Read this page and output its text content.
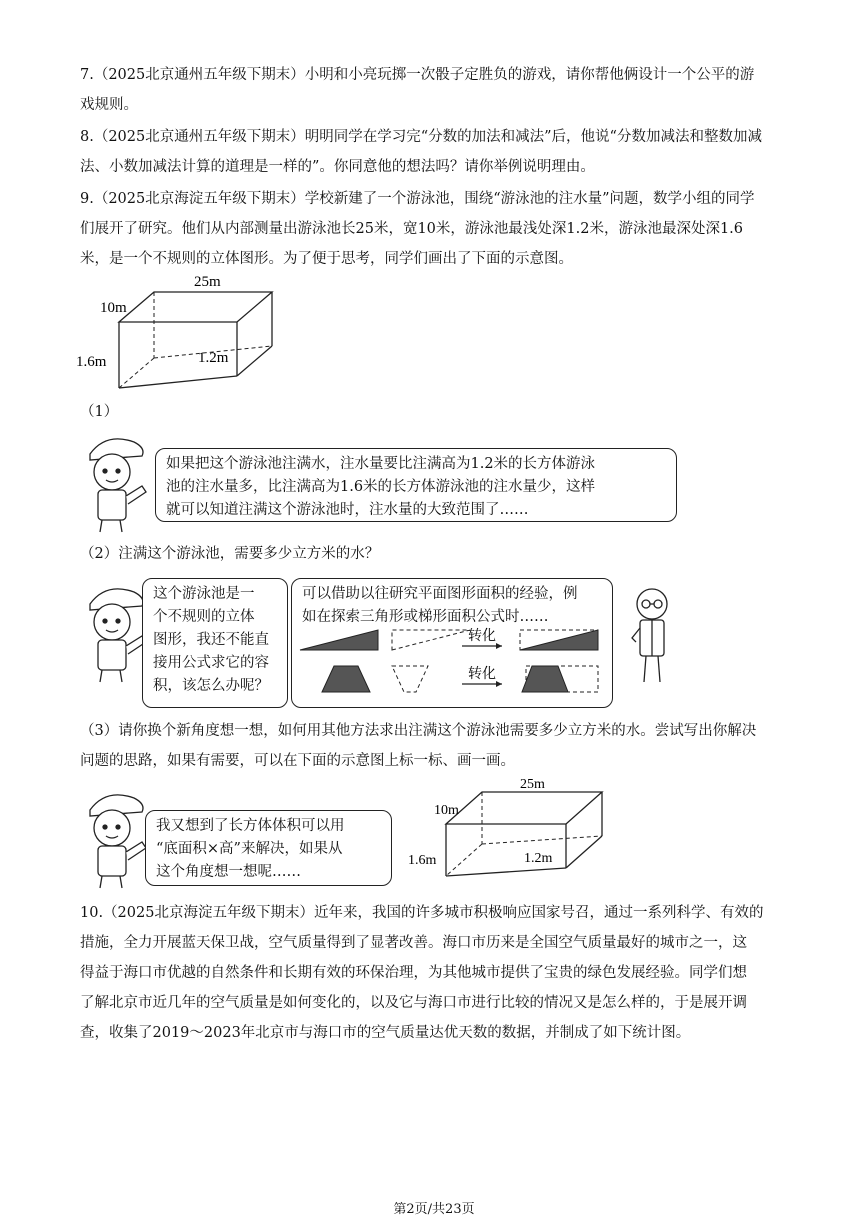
7.（2025北京通州五年级下期末）小明和小亮玩掷一次骰子定胜负的游戏，请你帮他俩设计一个公平的游
戏规则。
8.（2025北京通州五年级下期末）明明同学在学习完“分数的加法和减法”后，他说“分数加减法和整数加减
法、小数加减法计算的道理是一样的”。你同意他的想法吗？请你举例说明理由。
9.（2025北京海淀五年级下期末）学校新建了一个游泳池，围绕“游泳池的注水量”问题，数学小组的同学
们展开了研究。他们从内部测量出游泳池长25米，宽10米，游泳池最浅处深1.2米，游泳池最深处深1.6
米，是一个不规则的立体图形。为了便于思考，同学们画出了下面的示意图。
25m
10m
1.6m	1.2m
（1）
如果把这个游泳池注满水，注水量要比注满高为1.2米的长方体游泳
池的注水量多，比注满高为1.6米的长方体游泳池的注水量少，这样
就可以知道注满这个游泳池时，注水量的大致范围了……
（2）注满这个游泳池，需要多少立方米的水？
这个游泳池是一
个不规则的立体
图形，我还不能直
接用公式求它的容
积，该怎么办呢？
可以借助以往研究平面图形面积的经验，例
如在探索三角形或梯形面积公式时……
转化
转化
（3）请你换个新角度想一想，如何用其他方法求出注满这个游泳池需要多少立方米的水。尝试写出你解决
问题的思路，如果有需要，可以在下面的示意图上标一标、画一画。
我又想到了长方体体积可以用
“底面积×高”来解决，如果从
这个角度想一想呢……
25m
10m
1.6m	1.2m
10.（2025北京海淀五年级下期末）近年来，我国的许多城市积极响应国家号召，通过一系列科学、有效的
措施，全力开展蓝天保卫战，空气质量得到了显著改善。海口市历来是全国空气质量最好的城市之一，这
得益于海口市优越的自然条件和长期有效的环保治理，为其他城市提供了宝贵的绿色发展经验。同学们想
了解北京市近几年的空气质量是如何变化的，以及它与海口市进行比较的情况又是怎么样的，于是展开调
查，收集了2019～2023年北京市与海口市的空气质量达优天数的数据，并制成了如下统计图。
第2页/共23页
